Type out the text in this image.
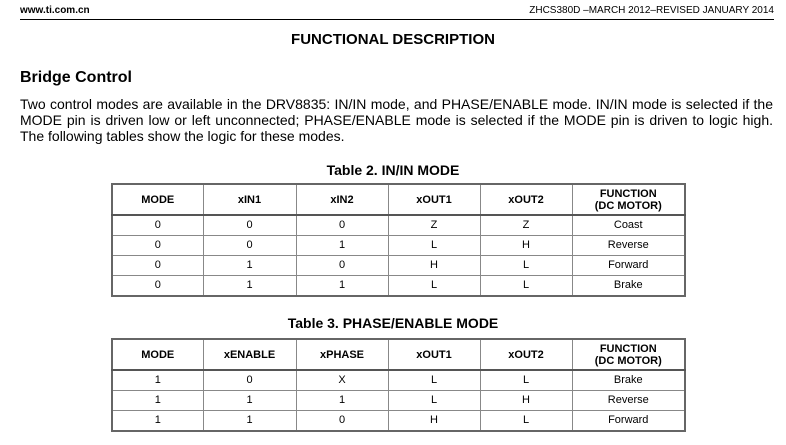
www.ti.com.cn	ZHCS380D –MARCH 2012–REVISED JANUARY 2014
FUNCTIONAL DESCRIPTION
Bridge Control
Two control modes are available in the DRV8835: IN/IN mode, and PHASE/ENABLE mode. IN/IN mode is selected if the MODE pin is driven low or left unconnected; PHASE/ENABLE mode is selected if the MODE pin is driven to logic high. The following tables show the logic for these modes.
Table 2. IN/IN MODE
MODE	xIN1	xIN2	xOUT1	xOUT2	FUNCTION
(DC MOTOR)
0	0	0	Z	Z	Coast
0	0	1	L	H	Reverse
0	1	0	H	L	Forward
0	1	1	L	L	Brake
Table 3. PHASE/ENABLE MODE
MODE	xENABLE	xPHASE	xOUT1	xOUT2	FUNCTION
(DC MOTOR)
1	0	X	L	L	Brake
1	1	1	L	H	Reverse
1	1	0	H	L	Forward
